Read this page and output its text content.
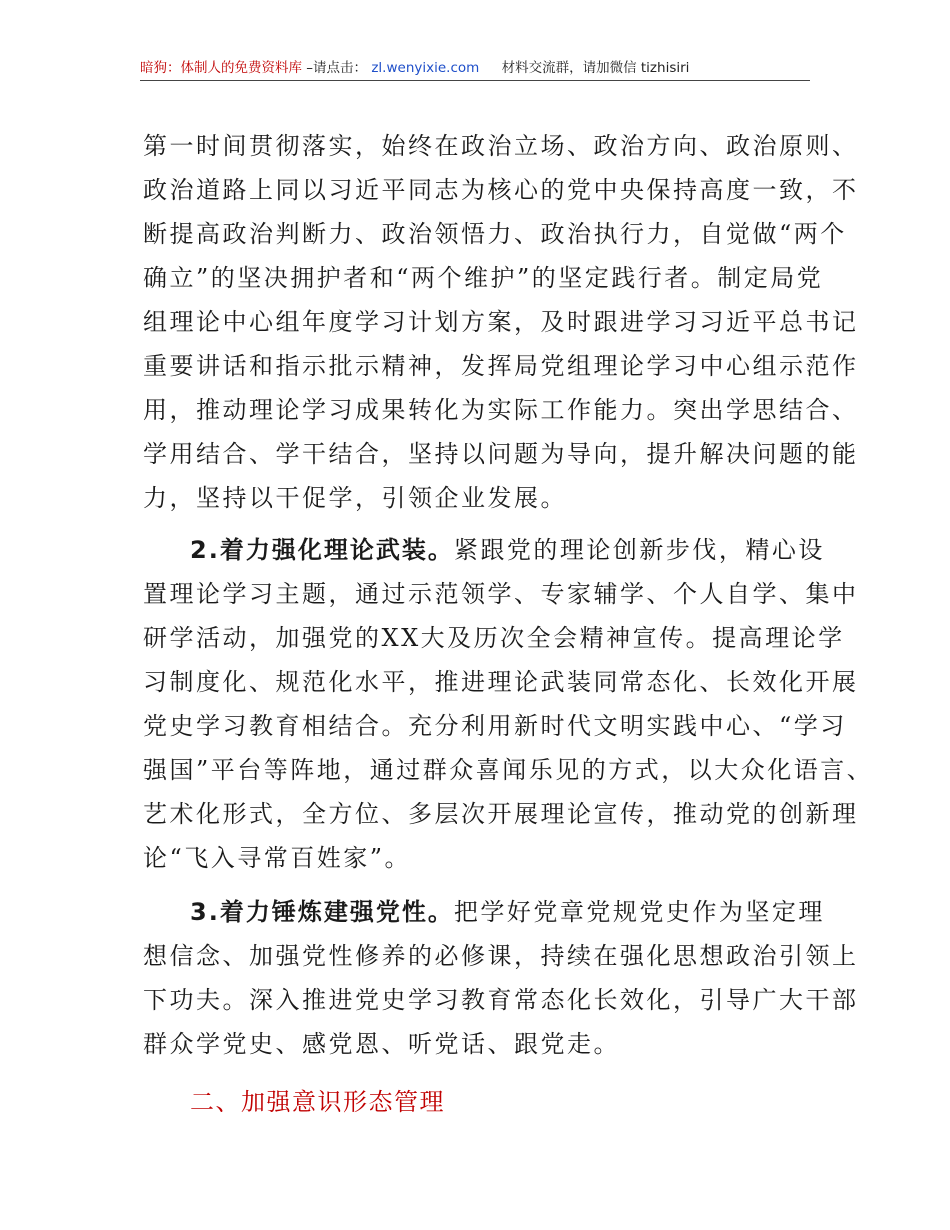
暗狗：体制人的免费资料库 –请点击： zl.wenyixie.com 材料交流群，请加微信 tizhisiri
第一时间贯彻落实，始终在政治立场、政治方向、政治原则、
政治道路上同以习近平同志为核心的党中央保持高度一致，不
断提高政治判断力、政治领悟力、政治执行力，自觉做“两个
确立”的坚决拥护者和“两个维护”的坚定践行者。制定局党
组理论中心组年度学习计划方案，及时跟进学习习近平总书记
重要讲话和指示批示精神，发挥局党组理论学习中心组示范作
用，推动理论学习成果转化为实际工作能力。突出学思结合、
学用结合、学干结合，坚持以问题为导向，提升解决问题的能
力，坚持以干促学，引领企业发展。
2.着力强化理论武装。紧跟党的理论创新步伐，精心设
置理论学习主题，通过示范领学、专家辅学、个人自学、集中
研学活动，加强党的XX大及历次全会精神宣传。提高理论学
习制度化、规范化水平，推进理论武装同常态化、长效化开展
党史学习教育相结合。充分利用新时代文明实践中心、“学习
强国”平台等阵地，通过群众喜闻乐见的方式，以大众化语言、
艺术化形式，全方位、多层次开展理论宣传，推动党的创新理
论“飞入寻常百姓家”。
3.着力锤炼建强党性。把学好党章党规党史作为坚定理
想信念、加强党性修养的必修课，持续在强化思想政治引领上
下功夫。深入推进党史学习教育常态化长效化，引导广大干部
群众学党史、感党恩、听党话、跟党走。
二、加强意识形态管理
